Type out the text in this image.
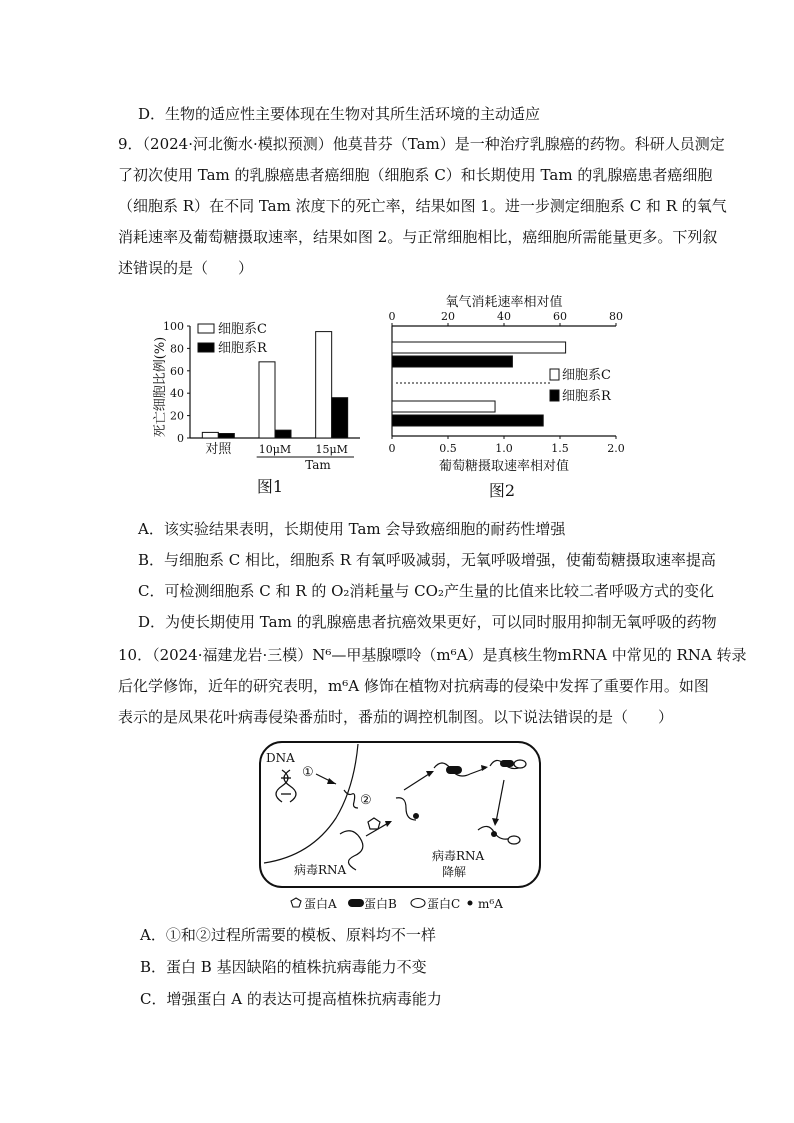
D．生物的适应性主要体现在生物对其所生活环境的主动适应
9．（2024·河北衡水·模拟预测）他莫昔芬（Tam）是一种治疗乳腺癌的药物。科研人员测定
了初次使用 Tam 的乳腺癌患者癌细胞（细胞系 C）和长期使用 Tam 的乳腺癌患者癌细胞
（细胞系 R）在不同 Tam 浓度下的死亡率，结果如图 1。进一步测定细胞系 C 和 R 的氧气
消耗速率及葡萄糖摄取速率，结果如图 2。与正常细胞相比，癌细胞所需能量更多。下列叙
述错误的是（　　）
死亡细胞比例(%)
0
20
40
60
80
100
对照 10μM 15μM
细胞系C
细胞系R
Tam
图1
氧气消耗速率相对值
葡萄糖摄取速率相对值
0	20	40	60	80
0	0.5	1.0	1.5	2.0
细胞系C
细胞系R
图2
A．该实验结果表明，长期使用 Tam 会导致癌细胞的耐药性增强
B．与细胞系 C 相比，细胞系 R 有氧呼吸减弱，无氧呼吸增强，使葡萄糖摄取速率提高
C．可检测细胞系 C 和 R 的 O₂消耗量与 CO₂产生量的比值来比较二者呼吸方式的变化
D．为使长期使用 Tam 的乳腺癌患者抗癌效果更好，可以同时服用抑制无氧呼吸的药物
10．（2024·福建龙岩·三模）N⁶—甲基腺嘌呤（m⁶A）是真核生物mRNA 中常见的 RNA 转录
后化学修饰，近年的研究表明，m⁶A 修饰在植物对抗病毒的侵染中发挥了重要作用。如图
表示的是凤果花叶病毒侵染番茄时，番茄的调控机制图。以下说法错误的是（　　）
DNA
①
②
病毒RNA
病毒RNA
降解
蛋白A 蛋白B	蛋白C m⁶A
A．①和②过程所需要的模板、原料均不一样
B．蛋白 B 基因缺陷的植株抗病毒能力不变
C．增强蛋白 A 的表达可提高植株抗病毒能力
